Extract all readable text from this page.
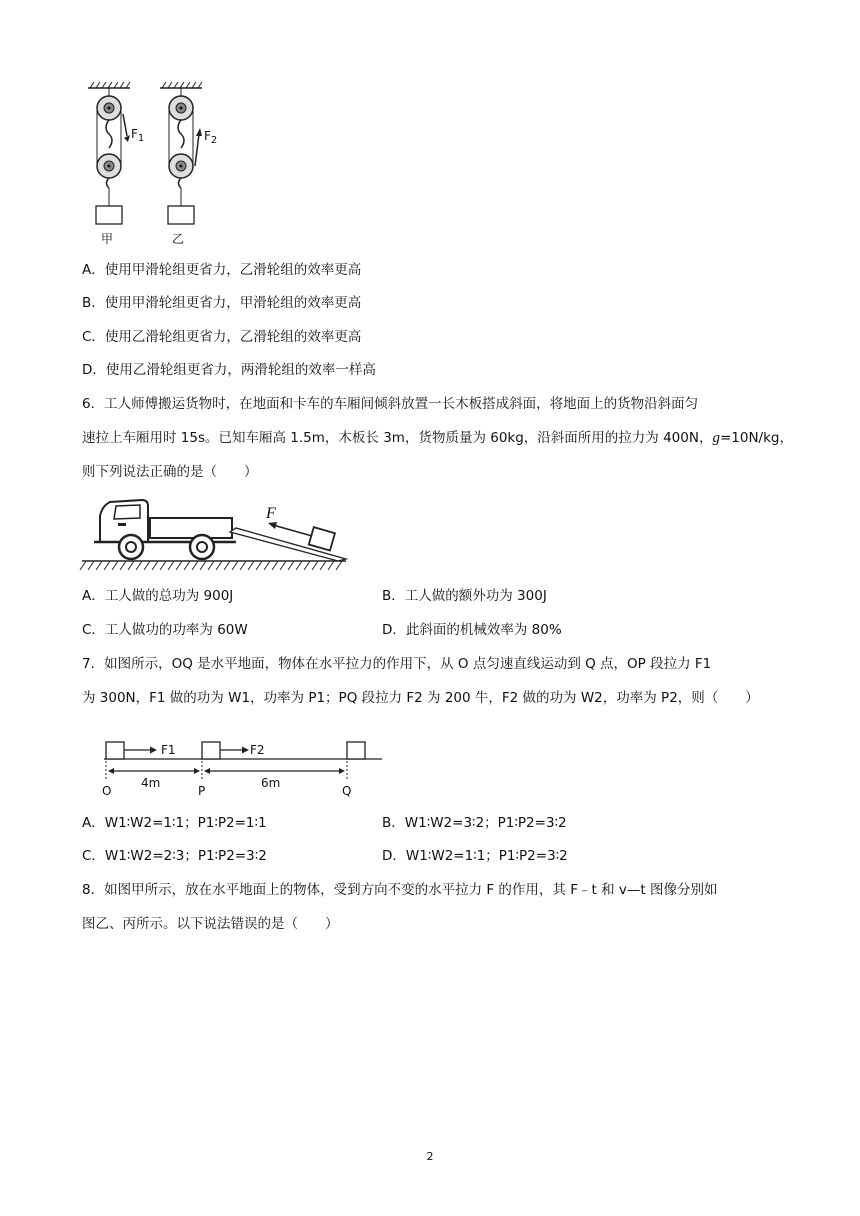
$F_1$	$F_2$
甲	乙
A．使用甲滑轮组更省力，乙滑轮组的效率更高
B．使用甲滑轮组更省力，甲滑轮组的效率更高
C．使用乙滑轮组更省力，乙滑轮组的效率更高
D．使用乙滑轮组更省力，两滑轮组的效率一样高
6．工人师傅搬运货物时，在地面和卡车的车厢间倾斜放置一长木板搭成斜面，将地面上的货物沿斜面匀
速拉上车厢用时 15s。已知车厢高 1.5m，木板长 3m，货物质量为 60kg，沿斜面所用的拉力为 400N，g=10N/kg，
则下列说法正确的是（　　）
F
A．工人做的总功为 900J	B．工人做的额外功为 300J
C．工人做功的功率为 60W	D．此斜面的机械效率为 80%
7．如图所示，OQ 是水平地面，物体在水平拉力的作用下，从 O 点匀速直线运动到 Q 点，OP 段拉力 F1
为 300N，F1 做的功为 W1，功率为 P1；PQ 段拉力 F2 为 200 牛，F2 做的功为 W2，功率为 P2，则（　　）
F1	F2
4m	6m
O	P	Q
A．W1∶W2=1∶1；P1∶P2=1∶1	B．W1∶W2=3∶2；P1∶P2=3∶2
C．W1∶W2=2∶3；P1∶P2=3∶2	D．W1∶W2=1∶1；P1∶P2=3∶2
8．如图甲所示，放在水平地面上的物体，受到方向不变的水平拉力 F 的作用，其 F﹣t 和 v—t 图像分别如
图乙、丙所示。以下说法错误的是（　　）
2
